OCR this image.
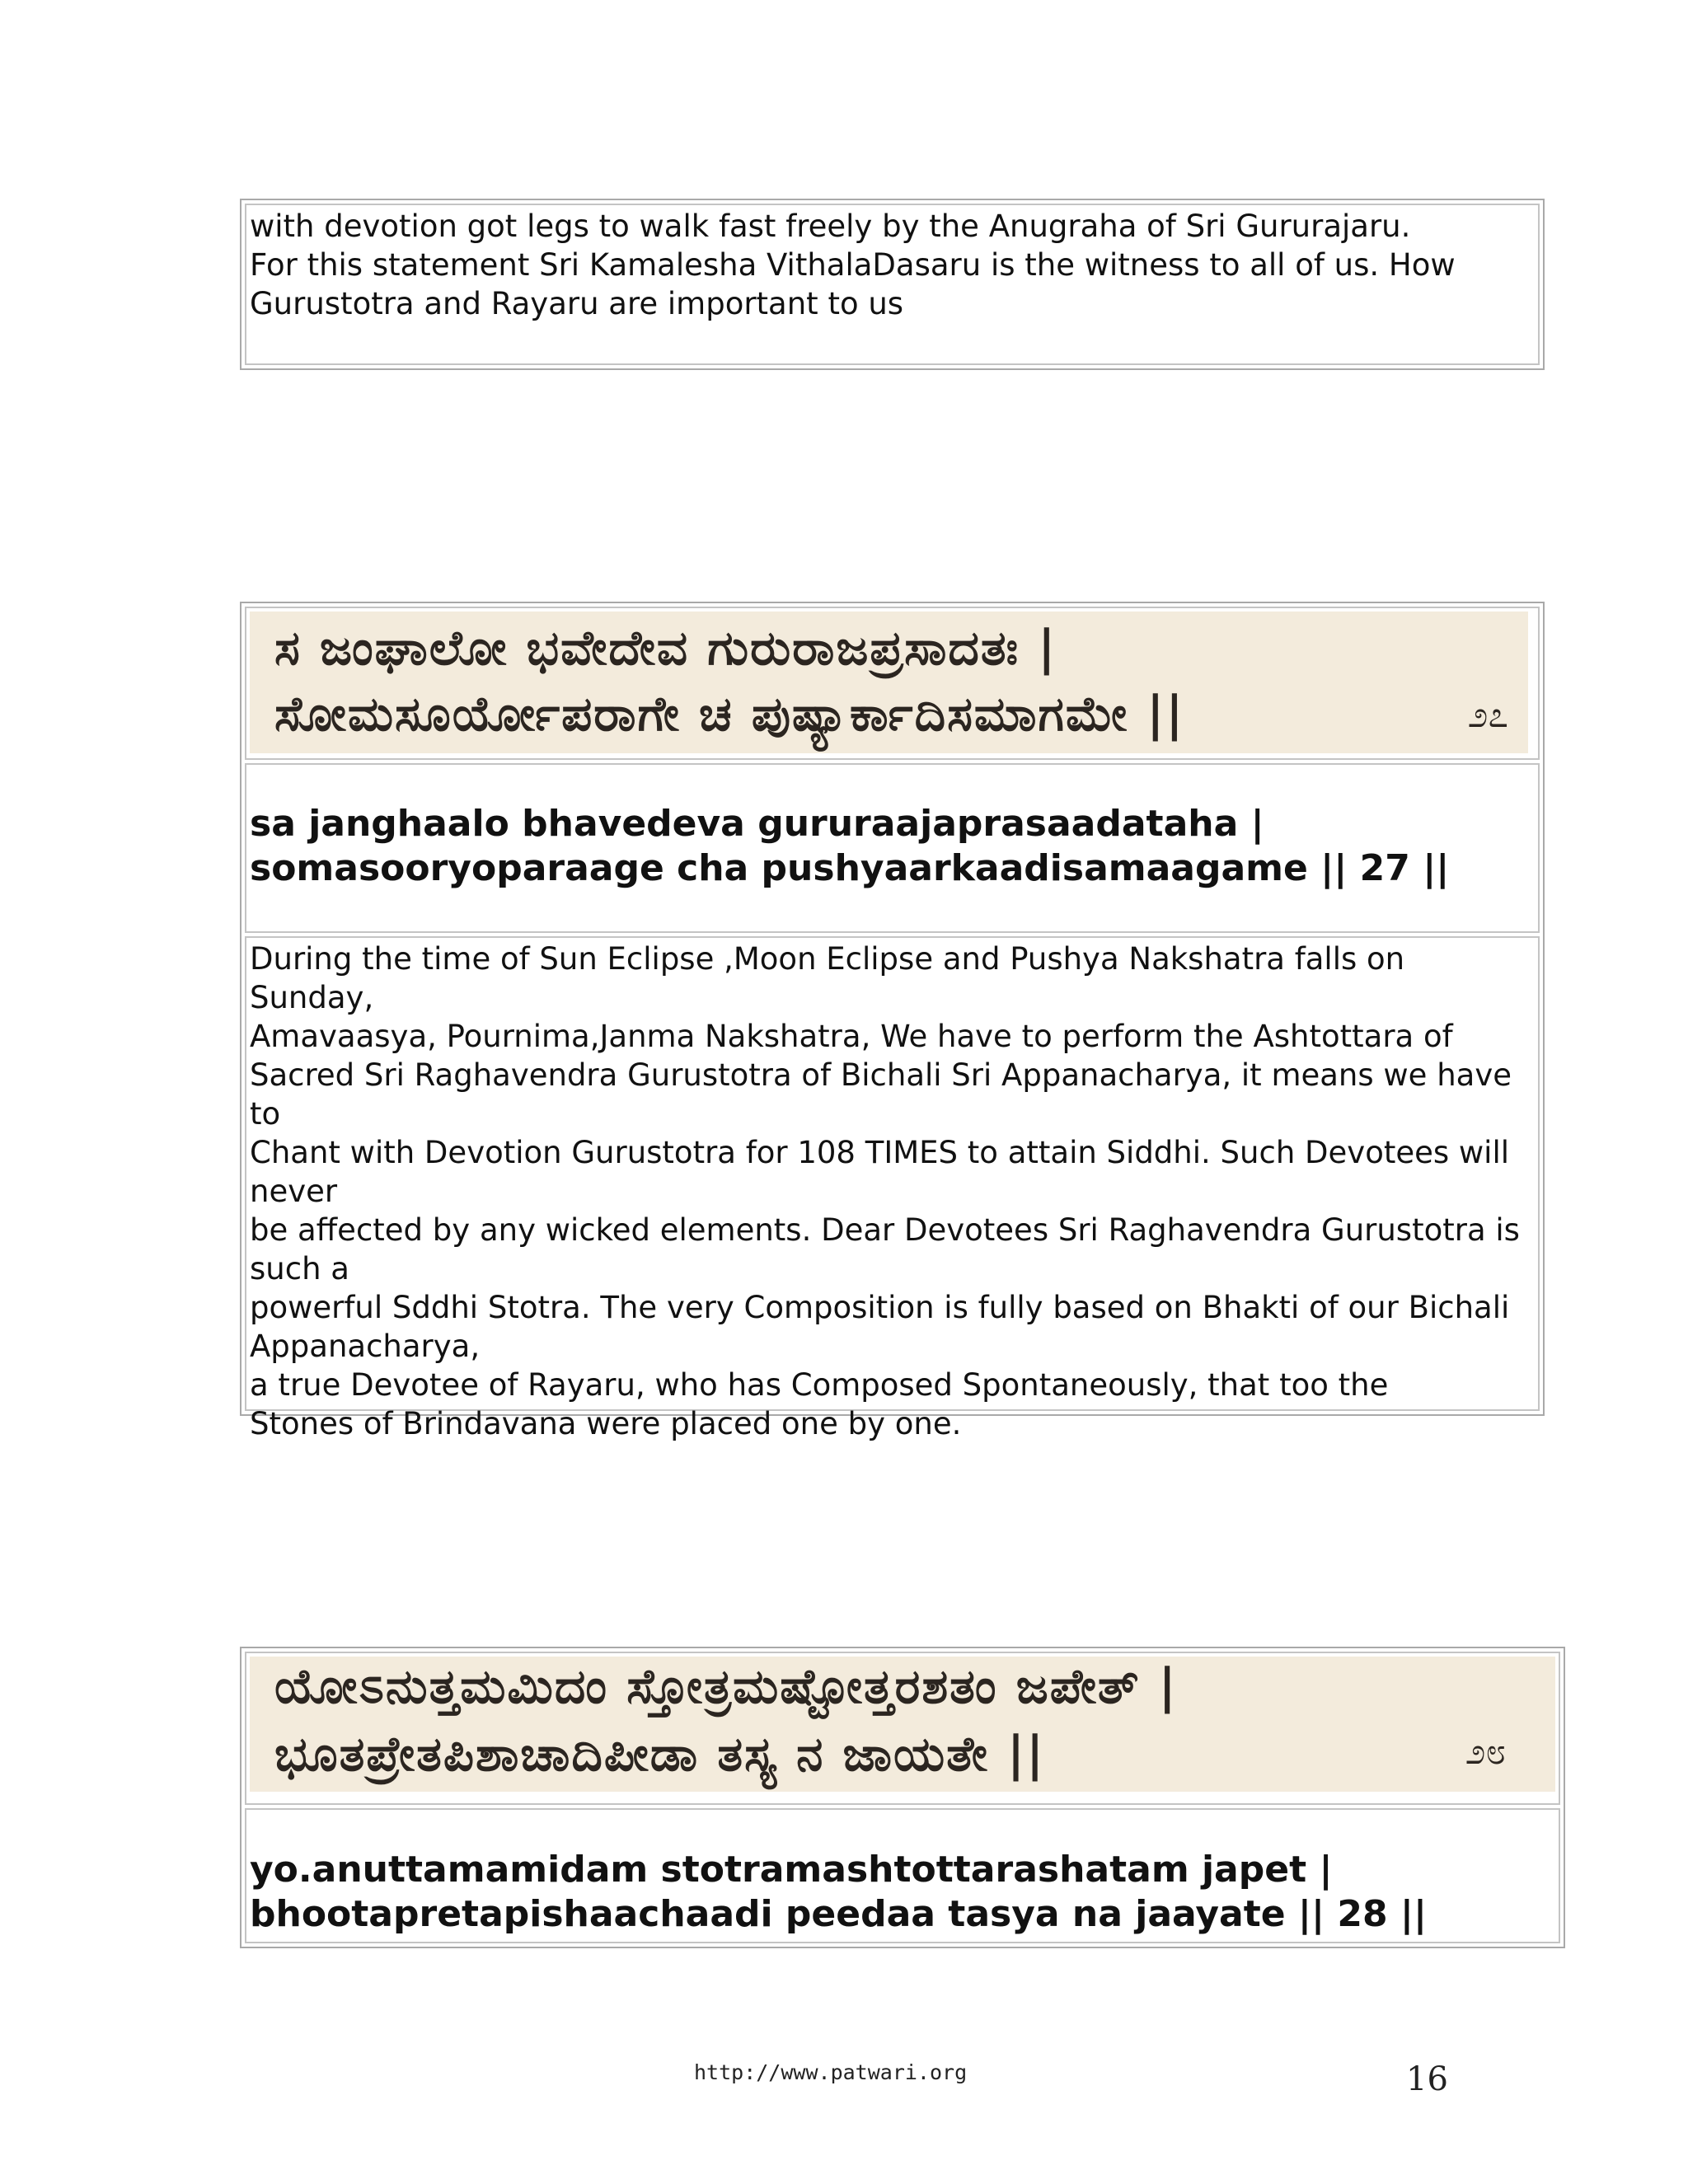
with devotion got legs to walk fast freely by the Anugraha of Sri Gururajaru.
For this statement Sri Kamalesha VithalaDasaru is the witness to all of us. How
Gurustotra and Rayaru are important to us
ಸ ಜಂಘಾಲೋ ಭವೇದೇವ ಗುರುರಾಜಪ್ರಸಾದತಃ |
ಸೋಮಸೂರ್ಯೋಪರಾಗೇ ಚ ಪುಷ್ಯಾರ್ಕಾದಿಸಮಾಗಮೇ ||	೨೭
sa janghaalo bhavedeva gururaajaprasaadataha |
somasooryoparaage cha pushyaarkaadisamaagame || 27 ||
During the time of Sun Eclipse ,Moon Eclipse and Pushya Nakshatra falls on Sunday,
Amavaasya, Pournima,Janma Nakshatra, We have to perform the Ashtottara of
Sacred Sri Raghavendra Gurustotra of Bichali Sri Appanacharya, it means we have to
Chant with Devotion Gurustotra for 108 TIMES to attain Siddhi. Such Devotees will
never
be affected by any wicked elements. Dear Devotees Sri Raghavendra Gurustotra is
such a
powerful Sddhi Stotra. The very Composition is fully based on Bhakti of our Bichali
Appanacharya,
a true Devotee of Rayaru, who has Composed Spontaneously, that too the
Stones of Brindavana were placed one by one.
ಯೋಽನುತ್ತಮಮಿದಂ ಸ್ತೋತ್ರಮಷ್ಟೋತ್ತರಶತಂ ಜಪೇತ್ |
ಭೂತಪ್ರೇತಪಿಶಾಚಾದಿಪೀಡಾ ತಸ್ಯ ನ ಜಾಯತೇ ||	೨೮
yo.anuttamamidam stotramashtottarashatam japet |
bhootapretapishaachaadi peedaa tasya na jaayate || 28 ||
http://www.patwari.org	16
